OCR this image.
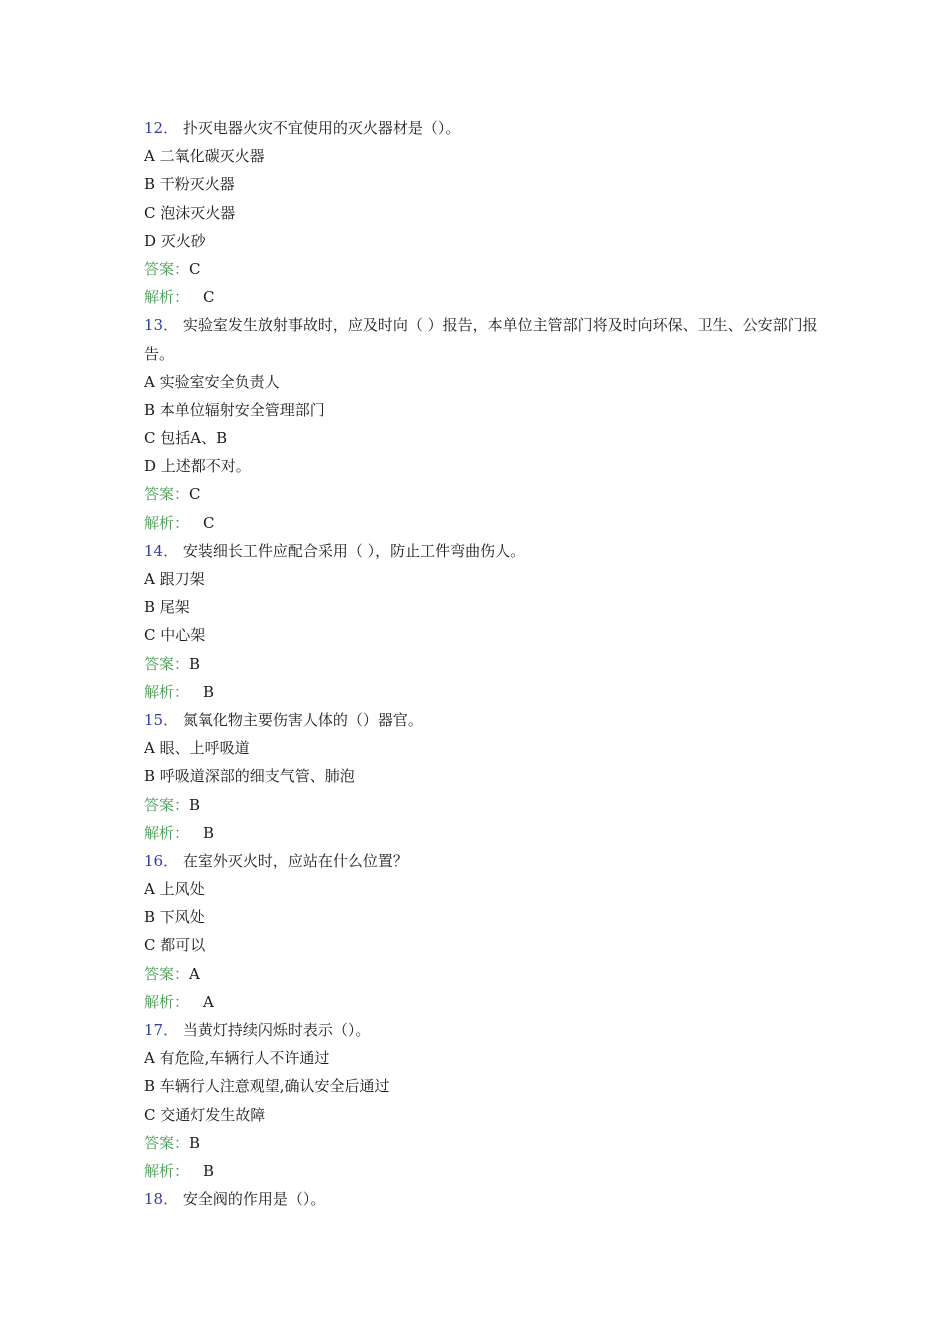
12． 扑灭电器火灾不宜使用的灭火器材是（）。
A 二氧化碳灭火器
B 干粉灭火器
C 泡沫灭火器
D 灭火砂
答案：C
解析： C
13． 实验室发生放射事故时，应及时向（ ）报告，本单位主管部门将及时向环保、卫生、公安部门报告。
A 实验室安全负责人
B 本单位辐射安全管理部门
C 包括A、B
D 上述都不对。
答案：C
解析： C
14． 安装细长工件应配合采用（ ），防止工件弯曲伤人。
A 跟刀架
B 尾架
C 中心架
答案：B
解析： B
15． 氮氧化物主要伤害人体的（）器官。
A 眼、上呼吸道
B 呼吸道深部的细支气管、肺泡
答案：B
解析： B
16． 在室外灭火时，应站在什么位置？
A 上风处
B 下风处
C 都可以
答案：A
解析： A
17． 当黄灯持续闪烁时表示（）。
A 有危险,车辆行人不许通过
B 车辆行人注意观望,确认安全后通过
C 交通灯发生故障
答案：B
解析： B
18． 安全阀的作用是（）。
